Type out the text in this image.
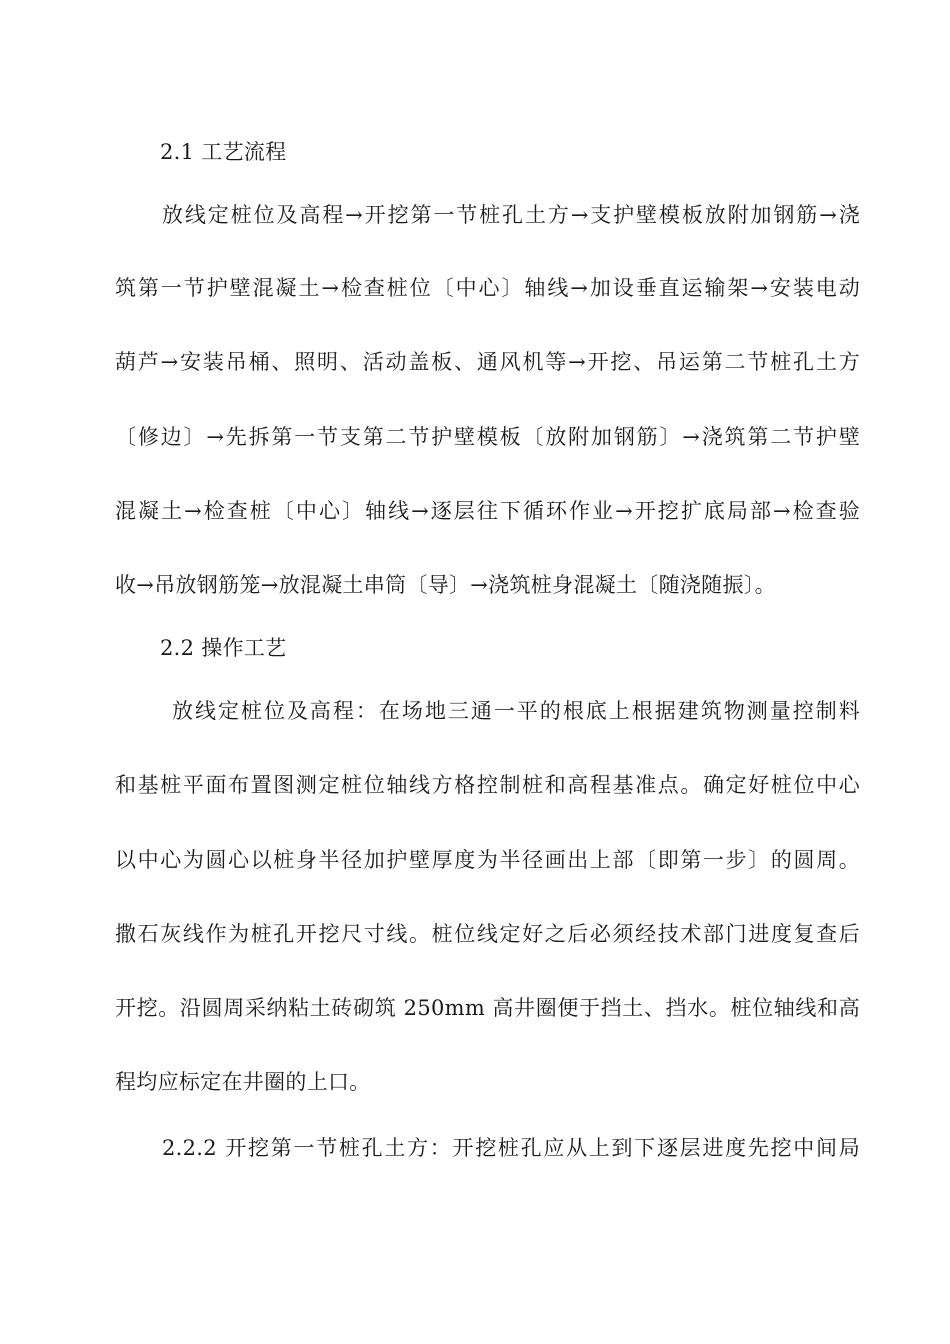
2.1 工艺流程
放线定桩位及高程→开挖第一节桩孔土方→支护壁模板放附加钢筋→浇
筑第一节护壁混凝土→检查桩位〔中心〕轴线→加设垂直运输架→安装电动
葫芦→安装吊桶、照明、活动盖板、通风机等→开挖、吊运第二节桩孔土方
〔修边〕→先拆第一节支第二节护壁模板〔放附加钢筋〕→浇筑第二节护壁
混凝土→检查桩〔中心〕轴线→逐层往下循环作业→开挖扩底局部→检查验
收→吊放钢筋笼→放混凝土串筒〔导〕→浇筑桩身混凝土〔随浇随振〕。
2.2 操作工艺
放线定桩位及高程：在场地三通一平的根底上根据建筑物测量控制料
和基桩平面布置图测定桩位轴线方格控制桩和高程基准点。确定好桩位中心
以中心为圆心以桩身半径加护壁厚度为半径画出上部〔即第一步〕的圆周。
撒石灰线作为桩孔开挖尺寸线。桩位线定好之后必须经技术部门进度复查后
开挖。沿圆周采纳粘土砖砌筑 250mm 高井圈便于挡土、挡水。桩位轴线和高
程均应标定在井圈的上口。
2.2.2 开挖第一节桩孔土方：开挖桩孔应从上到下逐层进度先挖中间局
